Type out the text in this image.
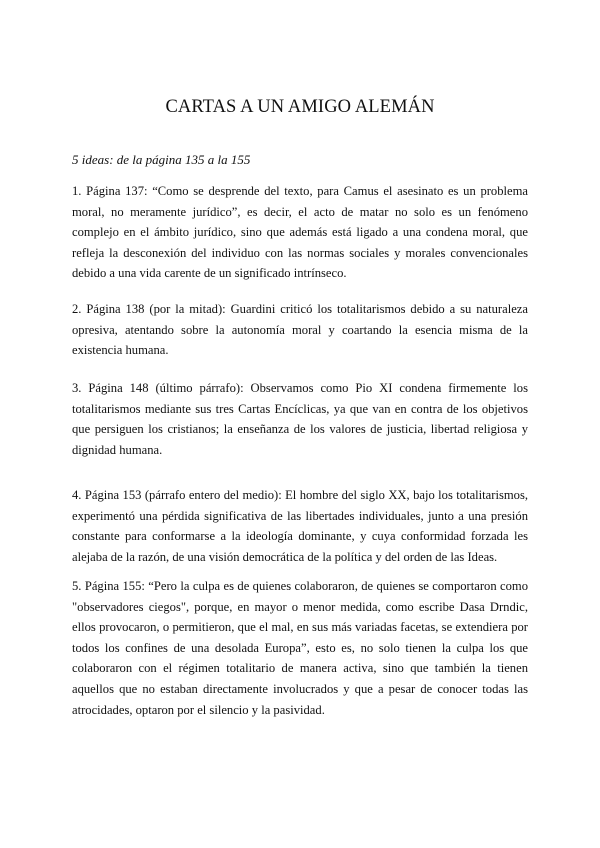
CARTAS A UN AMIGO ALEMÁN

5 ideas: de la página 135 a la 155

1. Página 137: “Como se desprende del texto, para Camus el asesinato es un problema moral, no meramente jurídico”, es decir, el acto de matar no solo es un fenómeno complejo en el ámbito jurídico, sino que además está ligado a una condena moral, que refleja la desconexión del individuo con las normas sociales y morales convencionales debido a una vida carente de un significado intrínseco.

2. Página 138 (por la mitad): Guardini criticó los totalitarismos debido a su naturaleza opresiva, atentando sobre la autonomía moral y coartando la esencia misma de la existencia humana.

3. Página 148 (último párrafo): Observamos como Pio XI condena firmemente los totalitarismos mediante sus tres Cartas Encíclicas, ya que van en contra de los objetivos que persiguen los cristianos; la enseñanza de los valores de justicia, libertad religiosa y dignidad humana.

4. Página 153 (párrafo entero del medio): El hombre del siglo XX, bajo los totalitarismos, experimentó una pérdida significativa de las libertades individuales, junto a una presión constante para conformarse a la ideología dominante, y cuya conformidad forzada les alejaba de la razón, de una visión democrática de la política y del orden de las Ideas.

5. Página 155: “Pero la culpa es de quienes colaboraron, de quienes se comportaron como "observadores ciegos", porque, en mayor o menor medida, como escribe Dasa Drndic, ellos provocaron, o permitieron, que el mal, en sus más variadas facetas, se extendiera por todos los confines de una desolada Europa”, esto es, no solo tienen la culpa los que colaboraron con el régimen totalitario de manera activa, sino que también la tienen aquellos que no estaban directamente involucrados y que a pesar de conocer todas las atrocidades, optaron por el silencio y la pasividad.
